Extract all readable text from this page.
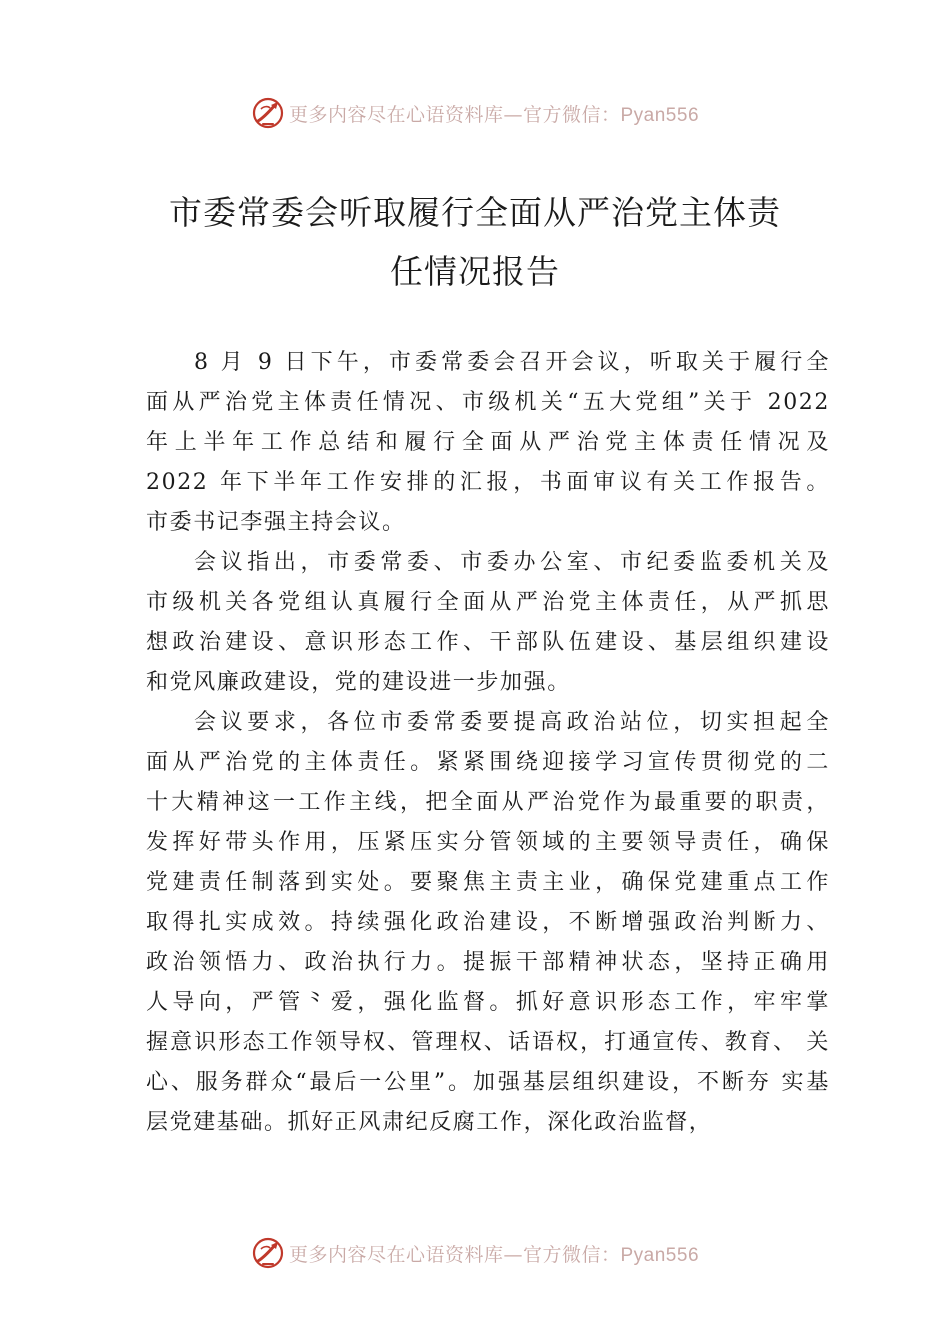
更多内容尽在心语资料库—官方微信：Pyan556
市委常委会听取履行全面从严治党主体责
任情况报告
8 月 9 日下午，市委常委会召开会议，听取关于履行全
面从严治党主体责任情况、市级机关“五大党组”关于 2022
年上半年工作总结和履行全面从严治党主体责任情况及
2022 年下半年工作安排的汇报，书面审议有关工作报告。
市委书记李强主持会议。
会议指出，市委常委、市委办公室、市纪委监委机关及
市级机关各党组认真履行全面从严治党主体责任，从严抓思
想政治建设、意识形态工作、干部队伍建设、基层组织建设
和党风廉政建设，党的建设进一步加强。
会议要求，各位市委常委要提高政治站位，切实担起全
面从严治党的主体责任。紧紧围绕迎接学习宣传贯彻党的二
十大精神这一工作主线，把全面从严治党作为最重要的职责，
发挥好带头作用，压紧压实分管领域的主要领导责任，确保
党建责任制落到实处。要聚焦主责主业，确保党建重点工作
取得扎实成效。持续强化政治建设，不断增强政治判断力、
政治领悟力、政治执行力。提振干部精神状态，坚持正确用
人导向，严管⺀爱，强化监督。抓好意识形态工作，牢牢掌
握意识形态工作领导权、管理权、话语权，打通宣传、教育、 关
心、服务群众“最后一公里”。加强基层组织建设，不断夯 实基
层党建基础。抓好正风肃纪反腐工作，深化政治监督，
更多内容尽在心语资料库—官方微信：Pyan556
